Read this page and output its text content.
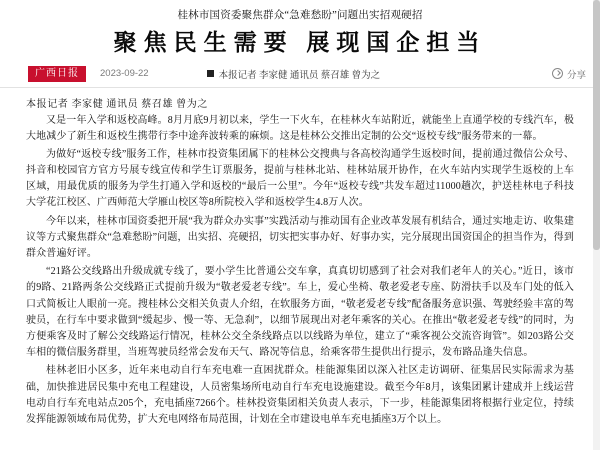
桂林市国资委聚焦群众“急难愁盼”问题出实招观硬招
聚焦民生需要 展现国企担当
广西日报	2023-09-22	本报记者 李家健 通讯员 蔡召雄 曾为之	分享
本报记者 李家健 通讯员 蔡召雄 曾为之

又是一年入学和返校高峰。8月月底9月初以来，学生一下火车，在桂林火车站附近，就能坐上直通学校的专线汽车，极大地减少了新生和返校生携带行李中途奔波转乘的麻烦。这是桂林公交推出定制的公交“返校专线”服务带来的一幕。

为做好“返校专线”服务工作，桂林市投资集团属下的桂林公交搜典与各高校沟通学生返校时间，提前通过微信公众号、抖音和校园官方官方号展专线宣传和学生订票服务，提前与桂林北站、桂林站展开协作，在火车站内实现学生返校的上车区域，用最优质的服务为学生打通入学和返校的“最后一公里”。今年“返校专线”共发车超过11000趟次，护送桂林电子科技大学花江校区、广西师范大学雁山校区等8所院校入学和返校学生4.8万人次。

今年以来，桂林市国资委把开展“我为群众办实事”实践活动与推动国有企业改革发展有机结合，通过实地走访、收集建议等方式聚焦群众“急难愁盼”问题，出实招、亮硬招，切实把实事办好、好事办实，完分展现出国资国企的担当作为，得到群众普遍好评。

“21路公交线路出升级成就专线了，要小学生比普通公交车拿，真真切切感到了社会对我们老年人的关心。”近日，该市的9路、21路两条公交线路正式提前升级为“敬老爱老专线”。车上，爱心坐椅、敬老爱老专座、防滑扶手以及车门处的低入口式简板让人眼前一亮。搜桂林公交相关负责人介绍，在软服务方面，“敬老爱老专线”配备服务意识强、驾驶经验丰富的驾驶员，在行车中要求做到“缓起步、慢一等、无急刹”，以细节展现出对老年乘客的关心。在推出“敬老爱老专线”的同时，为方便乘客及时了解公交线路运行情况，桂林公交全条线路点以以线路为单位，建立了“乘客视公交流咨询管”。如203路公交车相的微信服务群里，当班驾驶员经常会发布天气、路况等信息，给乘客带生提供出行提示，发布路品逢失信息。

桂林老旧小区多，近年来电动自行车充电难一直困扰群众。桂能源集团以深入社区走访调研、征集居民实际需求为基础，加快推进居民集中充电工程建设，人员密集场所电动自行车充电设施建设。截至今年8月，该集团累计建成并上线运营电动自行车充电站点205个，充电插座7266个。桂林投资集团相关负责人表示，下一步，桂能源集团将根据行业定位，持续发挥能源领域布局优势，扩大充电网络布局范围，计划在全市建设电单车充电插座3万个以上。
